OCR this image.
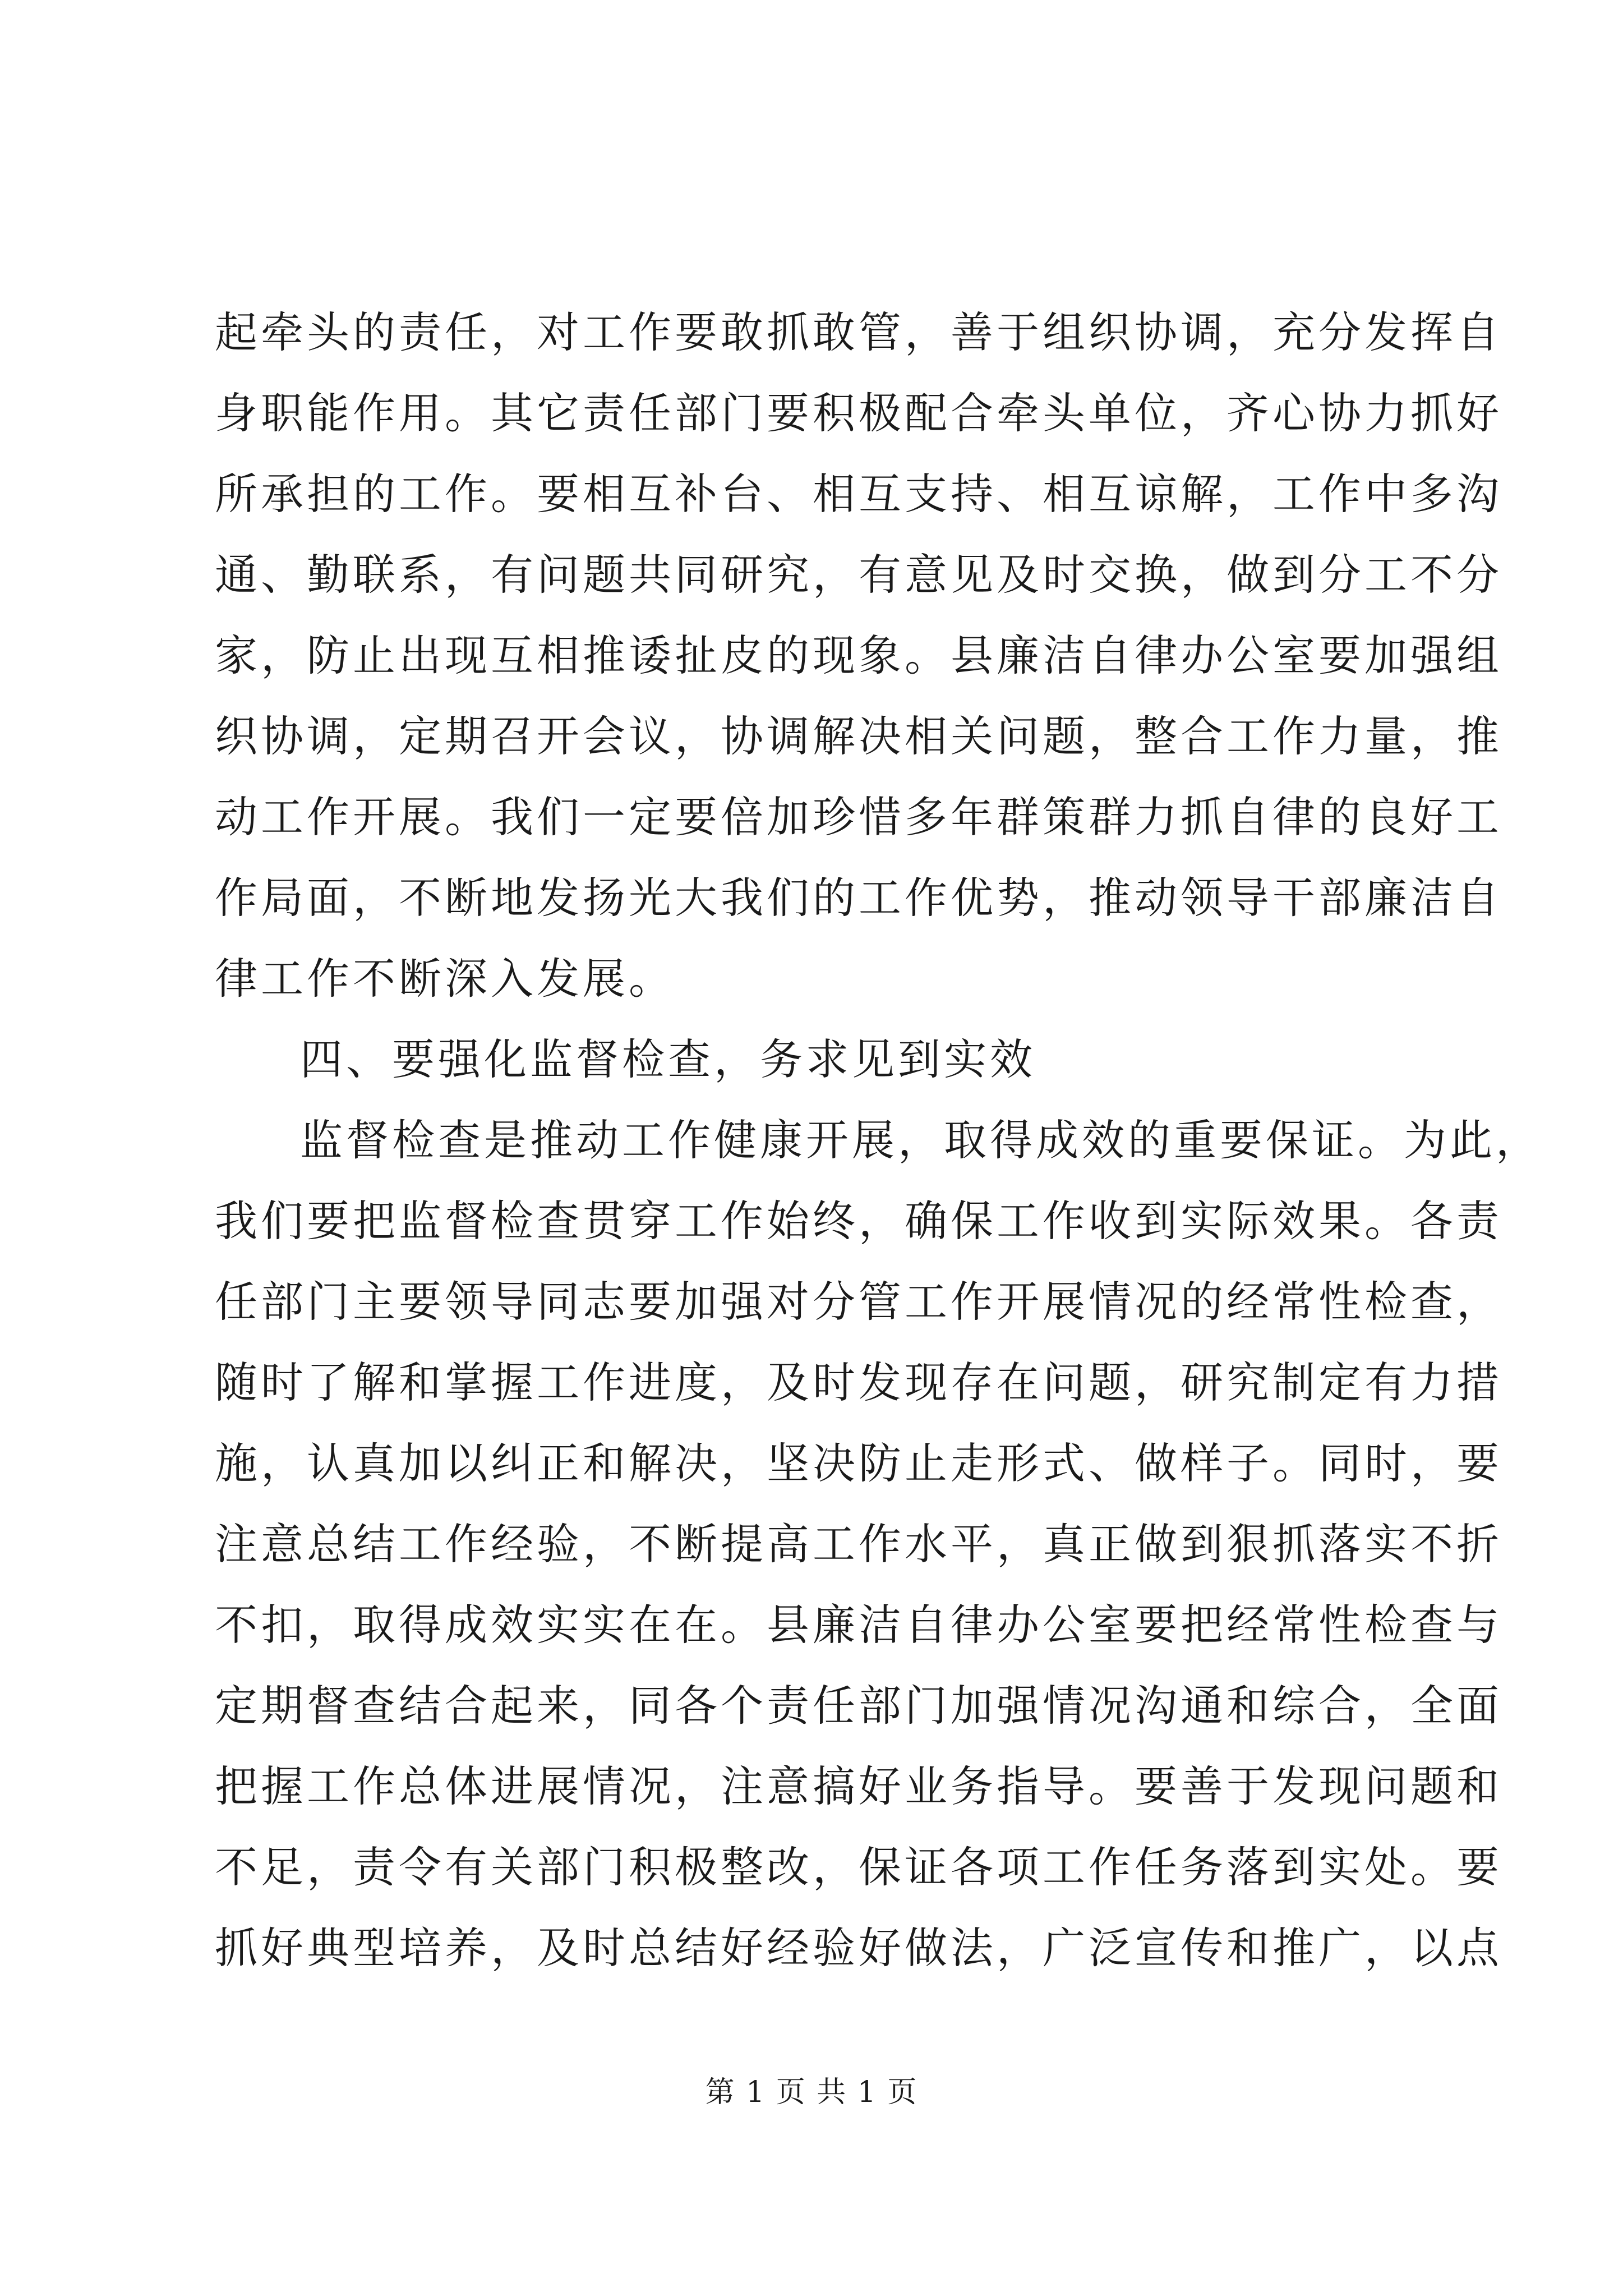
起牵头的责任，对工作要敢抓敢管，善于组织协调，充分发挥自
身职能作用。其它责任部门要积极配合牵头单位，齐心协力抓好
所承担的工作。要相互补台、相互支持、相互谅解，工作中多沟
通、勤联系，有问题共同研究，有意见及时交换，做到分工不分
家，防止出现互相推诿扯皮的现象。县廉洁自律办公室要加强组
织协调，定期召开会议，协调解决相关问题，整合工作力量，推
动工作开展。我们一定要倍加珍惜多年群策群力抓自律的良好工
作局面，不断地发扬光大我们的工作优势，推动领导干部廉洁自
律工作不断深入发展。
四、要强化监督检查，务求见到实效
监督检查是推动工作健康开展，取得成效的重要保证。为此，
我们要把监督检查贯穿工作始终，确保工作收到实际效果。各责
任部门主要领导同志要加强对分管工作开展情况的经常性检查，
随时了解和掌握工作进度，及时发现存在问题，研究制定有力措
施，认真加以纠正和解决，坚决防止走形式、做样子。同时，要
注意总结工作经验，不断提高工作水平，真正做到狠抓落实不折
不扣，取得成效实实在在。县廉洁自律办公室要把经常性检查与
定期督查结合起来，同各个责任部门加强情况沟通和综合，全面
把握工作总体进展情况，注意搞好业务指导。要善于发现问题和
不足，责令有关部门积极整改，保证各项工作任务落到实处。要
抓好典型培养，及时总结好经验好做法，广泛宣传和推广，以点
第 1 页 共 1 页
